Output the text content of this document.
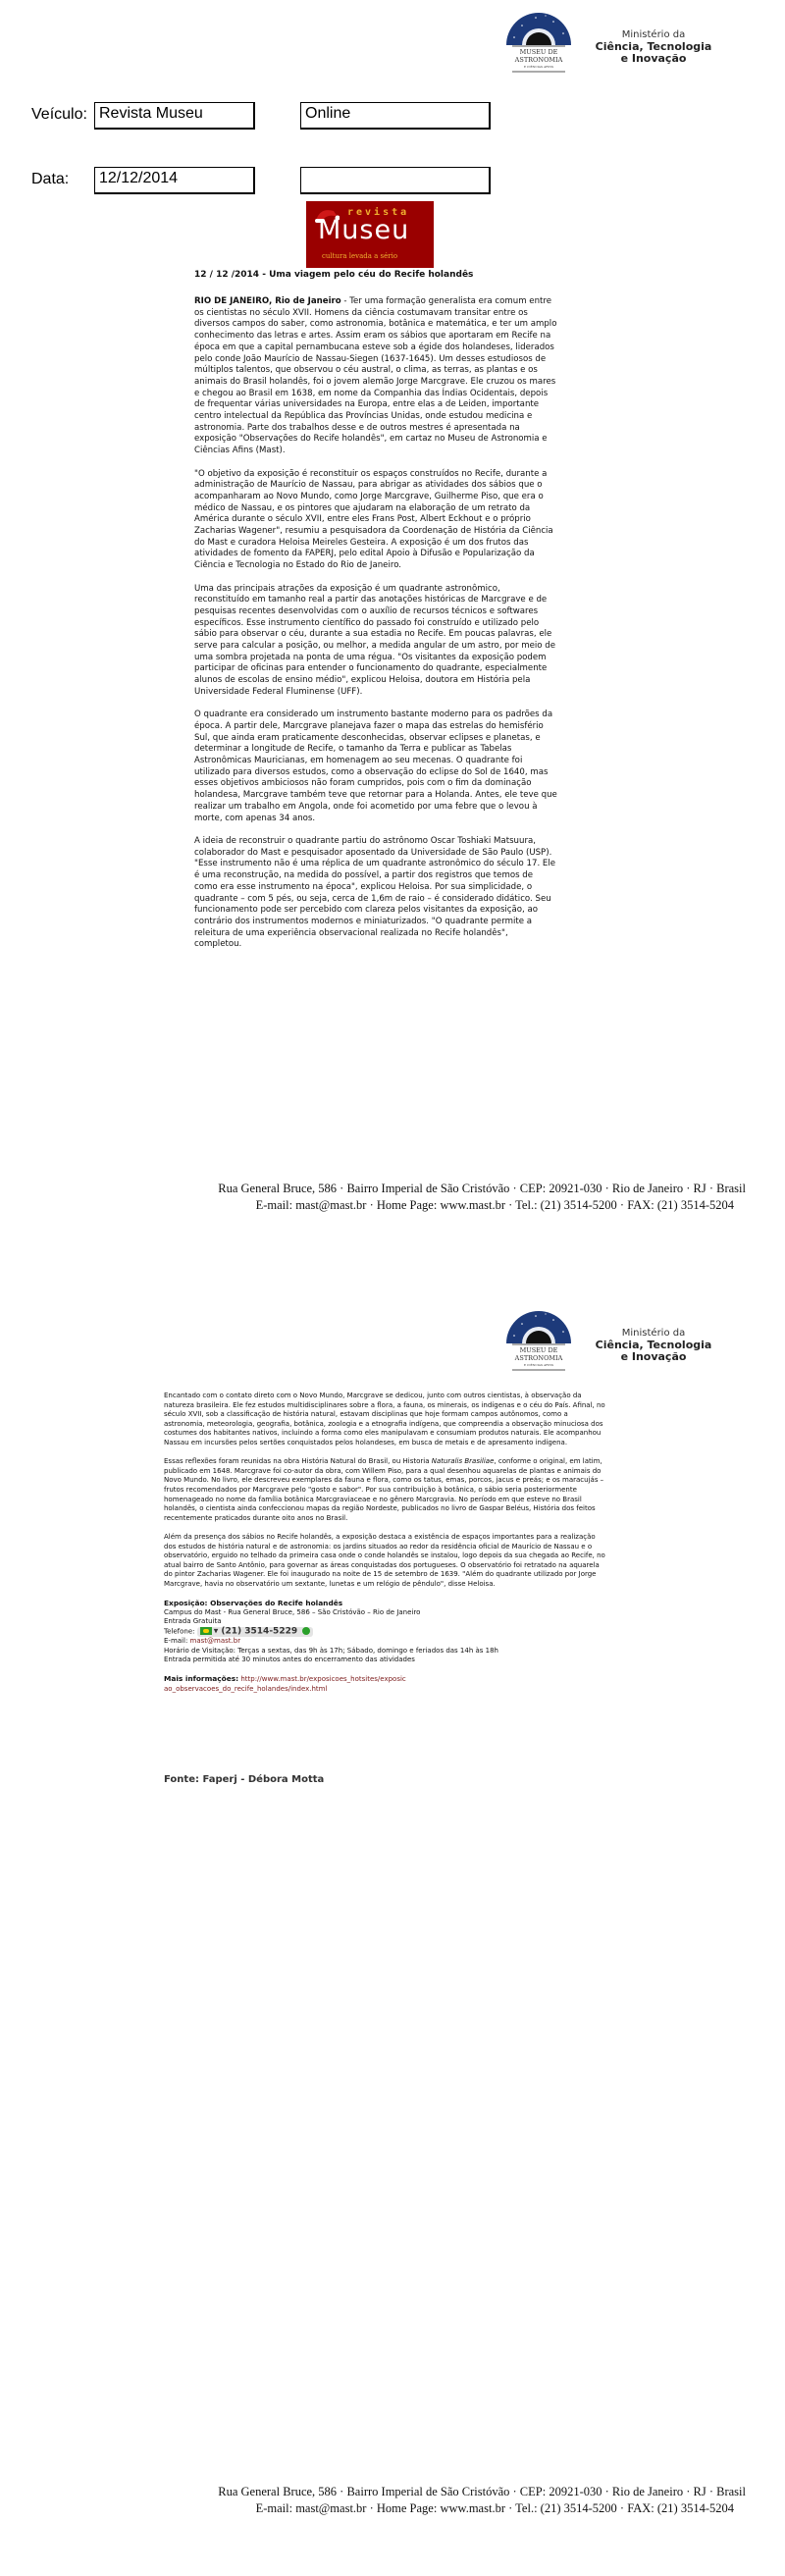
MUSEU DE
ASTRONOMIA
E CIÊNCIAS AFINS
Ministério da
Ciência, Tecnologia
e Inovação
Veículo: Revista Museu	Online
Data:	12/12/2014
revista
Museu
cultura levada a sério
12 / 12 /2014 - Uma viagem pelo céu do Recife holandês

RIO DE JANEIRO, Rio de Janeiro - Ter uma formação generalista era comum entre os cientistas no século XVII. Homens da ciência costumavam transitar entre os diversos campos do saber, como astronomia, botânica e matemática, e ter um amplo conhecimento das letras e artes. Assim eram os sábios que aportaram em Recife na época em que a capital pernambucana esteve sob a égide dos holandeses, liderados pelo conde João Maurício de Nassau-Siegen (1637-1645). Um desses estudiosos de múltiplos talentos, que observou o céu austral, o clima, as terras, as plantas e os animais do Brasil holandês, foi o jovem alemão Jorge Marcgrave. Ele cruzou os mares e chegou ao Brasil em 1638, em nome da Companhia das Índias Ocidentais, depois de frequentar várias universidades na Europa, entre elas a de Leiden, importante centro intelectual da República das Províncias Unidas, onde estudou medicina e astronomia. Parte dos trabalhos desse e de outros mestres é apresentada na exposição "Observações do Recife holandês", em cartaz no Museu de Astronomia e Ciências Afins (Mast).

"O objetivo da exposição é reconstituir os espaços construídos no Recife, durante a administração de Maurício de Nassau, para abrigar as atividades dos sábios que o acompanharam ao Novo Mundo, como Jorge Marcgrave, Guilherme Piso, que era o médico de Nassau, e os pintores que ajudaram na elaboração de um retrato da América durante o século XVII, entre eles Frans Post, Albert Eckhout e o próprio Zacharias Wagener", resumiu a pesquisadora da Coordenação de História da Ciência do Mast e curadora Heloisa Meireles Gesteira. A exposição é um dos frutos das atividades de fomento da FAPERJ, pelo edital Apoio à Difusão e Popularização da Ciência e Tecnologia no Estado do Rio de Janeiro.

Uma das principais atrações da exposição é um quadrante astronômico, reconstituído em tamanho real a partir das anotações históricas de Marcgrave e de pesquisas recentes desenvolvidas com o auxílio de recursos técnicos e softwares específicos. Esse instrumento científico do passado foi construído e utilizado pelo sábio para observar o céu, durante a sua estadia no Recife. Em poucas palavras, ele serve para calcular a posição, ou melhor, a medida angular de um astro, por meio de uma sombra projetada na ponta de uma régua. "Os visitantes da exposição podem participar de oficinas para entender o funcionamento do quadrante, especialmente alunos de escolas de ensino médio", explicou Heloisa, doutora em História pela Universidade Federal Fluminense (UFF).

O quadrante era considerado um instrumento bastante moderno para os padrões da época. A partir dele, Marcgrave planejava fazer o mapa das estrelas do hemisfério Sul, que ainda eram praticamente desconhecidas, observar eclipses e planetas, e determinar a longitude de Recife, o tamanho da Terra e publicar as Tabelas Astronômicas Mauricianas, em homenagem ao seu mecenas. O quadrante foi utilizado para diversos estudos, como a observação do eclipse do Sol de 1640, mas esses objetivos ambiciosos não foram cumpridos, pois com o fim da dominação holandesa, Marcgrave também teve que retornar para a Holanda. Antes, ele teve que realizar um trabalho em Angola, onde foi acometido por uma febre que o levou à morte, com apenas 34 anos.

A ideia de reconstruir o quadrante partiu do astrônomo Oscar Toshiaki Matsuura, colaborador do Mast e pesquisador aposentado da Universidade de São Paulo (USP). "Esse instrumento não é uma réplica de um quadrante astronômico do século 17. Ele é uma reconstrução, na medida do possível, a partir dos registros que temos de como era esse instrumento na época", explicou Heloisa. Por sua simplicidade, o quadrante – com 5 pés, ou seja, cerca de 1,6m de raio – é considerado didático. Seu funcionamento pode ser percebido com clareza pelos visitantes da exposição, ao contrário dos instrumentos modernos e miniaturizados. "O quadrante permite a releitura de uma experiência observacional realizada no Recife holandês", completou.

Rua General Bruce, 586 · Bairro Imperial de São Cristóvão · CEP: 20921-030 · Rio de Janeiro · RJ · Brasil
E-mail: mast@mast.br · Home Page: www.mast.br · Tel.: (21) 3514-5200 · FAX: (21) 3514-5204
MUSEU DE
ASTRONOMIA
E CIÊNCIAS AFINS
Ministério da
Ciência, Tecnologia
e Inovação

Encantado com o contato direto com o Novo Mundo, Marcgrave se dedicou, junto com outros cientistas, à observação da natureza brasileira. Ele fez estudos multidisciplinares sobre a flora, a fauna, os minerais, os indígenas e o céu do País. Afinal, no século XVII, sob a classificação de história natural, estavam disciplinas que hoje formam campos autônomos, como a astronomia, meteorologia, geografia, botânica, zoologia e a etnografia indígena, que compreendia a observação minuciosa dos costumes dos habitantes nativos, incluindo a forma como eles manipulavam e consumiam produtos naturais. Ele acompanhou Nassau em incursões pelos sertões conquistados pelos holandeses, em busca de metais e de apresamento indígena.

Essas reflexões foram reunidas na obra História Natural do Brasil, ou Historia Naturalis Brasiliae, conforme o original, em latim, publicado em 1648. Marcgrave foi co-autor da obra, com Willem Piso, para a qual desenhou aquarelas de plantas e animais do Novo Mundo. No livro, ele descreveu exemplares da fauna e flora, como os tatus, emas, porcos, jacus e preás; e os maracujás – frutos recomendados por Marcgrave pelo "gosto e sabor". Por sua contribuição à botânica, o sábio seria posteriormente homenageado no nome da família botânica Marcgraviaceae e no gênero Marcgravia. No período em que esteve no Brasil holandês, o cientista ainda confeccionou mapas da região Nordeste, publicados no livro de Gaspar Beléus, História dos feitos recentemente praticados durante oito anos no Brasil.

Além da presença dos sábios no Recife holandês, a exposição destaca a existência de espaços importantes para a realização dos estudos de história natural e de astronomia: os jardins situados ao redor da residência oficial de Maurício de Nassau e o observatório, erguido no telhado da primeira casa onde o conde holandês se instalou, logo depois da sua chegada ao Recife, no atual bairro de Santo Antônio, para governar as áreas conquistadas dos portugueses. O observatório foi retratado na aquarela do pintor Zacharias Wagener. Ele foi inaugurado na noite de 15 de setembro de 1639. "Além do quadrante utilizado por Jorge Marcgrave, havia no observatório um sextante, lunetas e um relógio de pêndulo", disse Heloisa.

Exposição: Observações do Recife holandês
Campus do Mast - Rua General Bruce, 586 – São Cristóvão – Rio de Janeiro
Entrada Gratuita
Telefone: ▾ (21) 3514-5229
E-mail: mast@mast.br
Horário de Visitação: Terças a sextas, das 9h às 17h; Sábado, domingo e feriados das 14h às 18h
Entrada permitida até 30 minutos antes do encerramento das atividades
Mais informações: http://www.mast.br/exposicoes_hotsites/exposicao_observacoes_do_recife_holandes/index.html
Fonte: Faperj - Débora Motta
Rua General Bruce, 586 · Bairro Imperial de São Cristóvão · CEP: 20921-030 · Rio de Janeiro · RJ · Brasil
E-mail: mast@mast.br · Home Page: www.mast.br · Tel.: (21) 3514-5200 · FAX: (21) 3514-5204
